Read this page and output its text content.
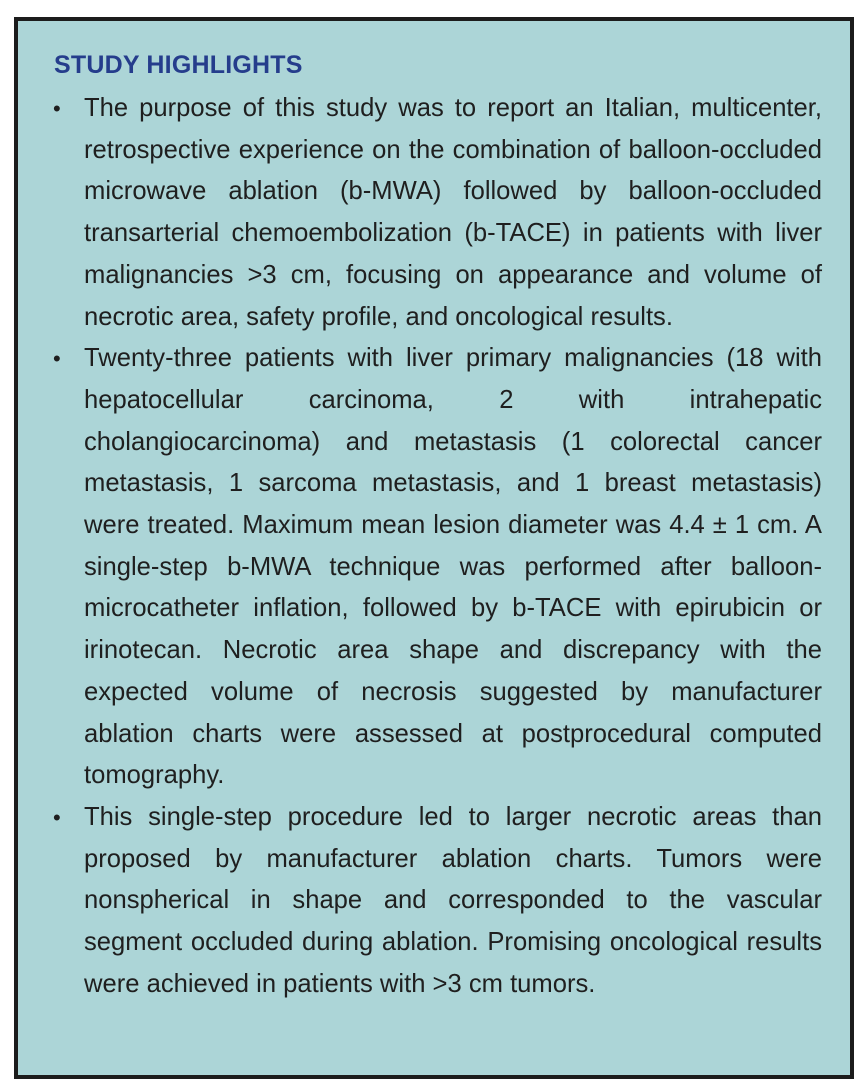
STUDY HIGHLIGHTS
• The purpose of this study was to report an Italian, multicenter, retrospective experience on the combination of balloon-occluded microwave ablation (b-MWA) followed by balloon-occluded transarterial chemoembolization (b-TACE) in patients with liver malignancies >3 cm, focusing on appearance and volume of necrotic area, safety profile, and oncological results.
• Twenty-three patients with liver primary malignancies (18 with hepatocellular carcinoma, 2 with intrahepatic cholangiocarcinoma) and metastasis (1 colorectal cancer metastasis, 1 sarcoma metastasis, and 1 breast metastasis) were treated. Maximum mean lesion diameter was 4.4 ± 1 cm. A single-step b-MWA technique was performed after balloon-microcatheter inflation, followed by b-TACE with epirubicin or irinotecan. Necrotic area shape and discrepancy with the expected volume of necrosis suggested by manufacturer ablation charts were assessed at postprocedural computed tomography.
• This single-step procedure led to larger necrotic areas than proposed by manufacturer ablation charts. Tumors were nonspherical in shape and corresponded to the vascular segment occluded during ablation. Promising oncological results were achieved in patients with >3 cm tumors.
